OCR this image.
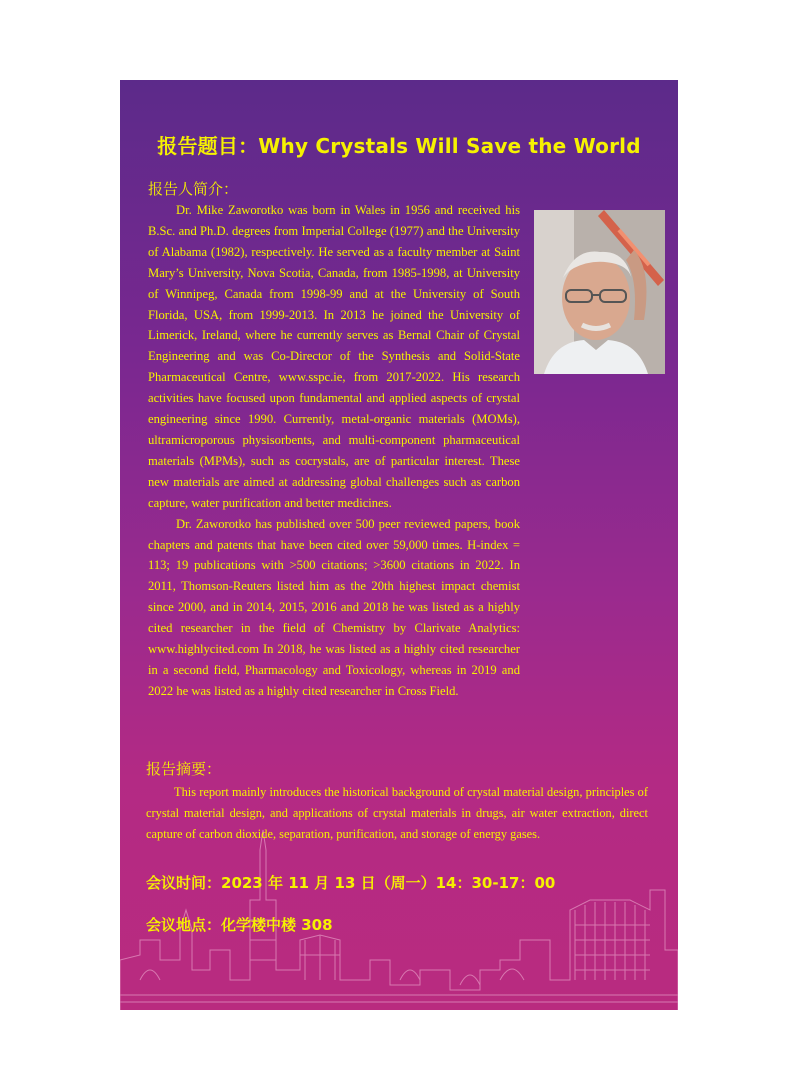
报告题目：Why Crystals Will Save the World
报告人简介：

Dr. Mike Zaworotko was born in Wales in 1956 and received his B.Sc. and Ph.D. degrees from Imperial College (1977) and the University of Alabama (1982), respectively. He served as a faculty member at Saint Mary’s University, Nova Scotia, Canada, from 1985-1998, at University of Winnipeg, Canada from 1998-99 and at the University of South Florida, USA, from 1999-2013. In 2013 he joined the University of Limerick, Ireland, where he currently serves as Bernal Chair of Crystal Engineering and was Co-Director of the Synthesis and Solid-State Pharmaceutical Centre, www.sspc.ie, from 2017-2022. His research activities have focused upon fundamental and applied aspects of crystal engineering since 1990. Currently, metal-organic materials (MOMs), ultramicroporous physisorbents, and multi-component pharmaceutical materials (MPMs), such as cocrystals, are of particular interest. These new materials are aimed at addressing global challenges such as carbon capture, water purification and better medicines.

Dr. Zaworotko has published over 500 peer reviewed papers, book chapters and patents that have been cited over 59,000 times. H-index = 113; 19 publications with >500 citations; >3600 citations in 2022. In 2011, Thomson-Reuters listed him as the 20th highest impact chemist since 2000, and in 2014, 2015, 2016 and 2018 he was listed as a highly cited researcher in the field of Chemistry by Clarivate Analytics: www.highlycited.com In 2018, he was listed as a highly cited researcher in a second field, Pharmacology and Toxicology, whereas in 2019 and 2022 he was listed as a highly cited researcher in Cross Field.

报告摘要：

This report mainly introduces the historical background of crystal material design, principles of crystal material design, and applications of crystal materials in drugs, air water extraction, direct capture of carbon dioxide, separation, purification, and storage of energy gases.

会议时间：2023 年 11 月 13 日（周一）14：30-17：00
会议地点：化学楼中楼 308
